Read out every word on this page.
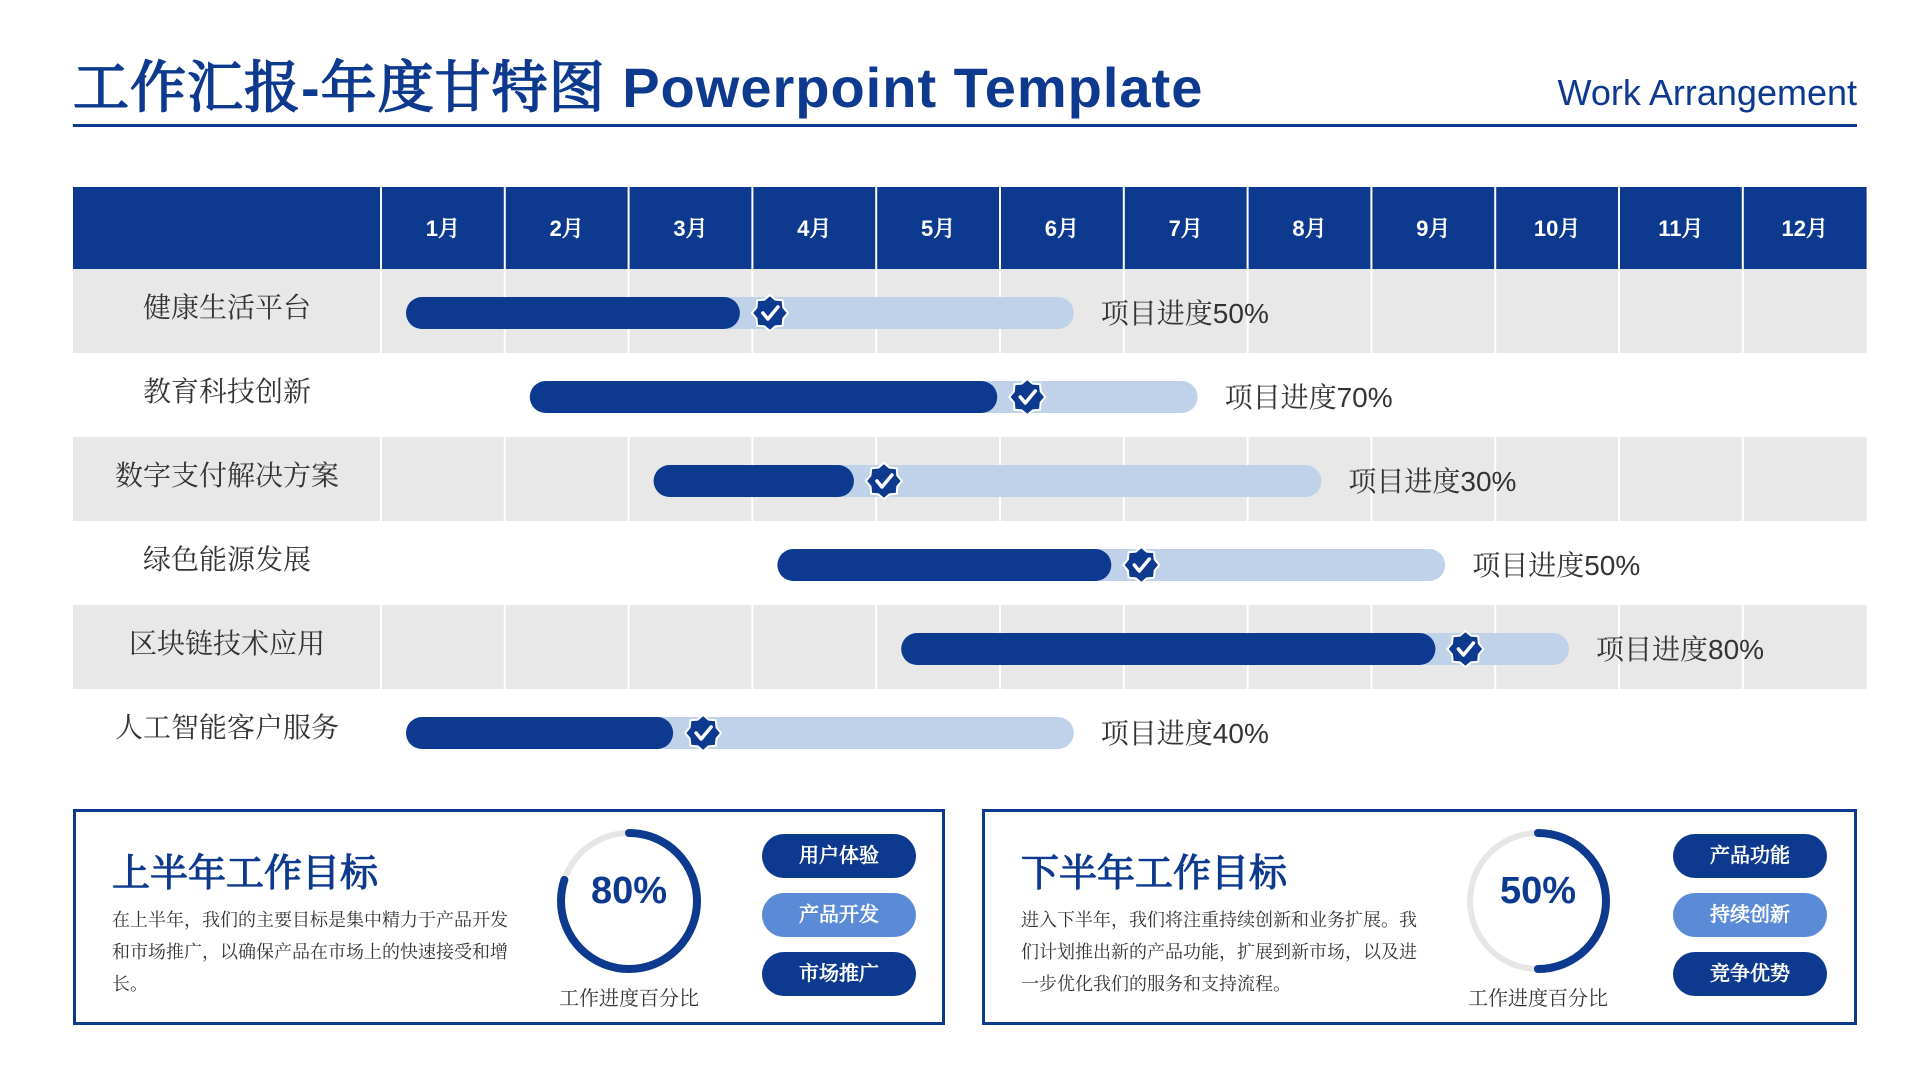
工作汇报-年度甘特图 Powerpoint Template	Work Arrangement
1月	2月	3月	4月	5月	6月	7月	8月	9月	10月	11月	12月
健康生活平台	项目进度50%
教育科技创新	项目进度70%
数字支付解决方案	项目进度30%
绿色能源发展	项目进度50%
区块链技术应用	项目进度80%
人工智能客户服务	项目进度40%
上半年工作目标
在上半年，我们的主要目标是集中精力于产品开发和市场推广，以确保产品在市场上的快速接受和增长。
80%
工作进度百分比
用户体验
产品开发
市场推广
下半年工作目标
进入下半年，我们将注重持续创新和业务扩展。我们计划推出新的产品功能，扩展到新市场，以及进一步优化我们的服务和支持流程。
50%
工作进度百分比
产品功能
持续创新
竞争优势
